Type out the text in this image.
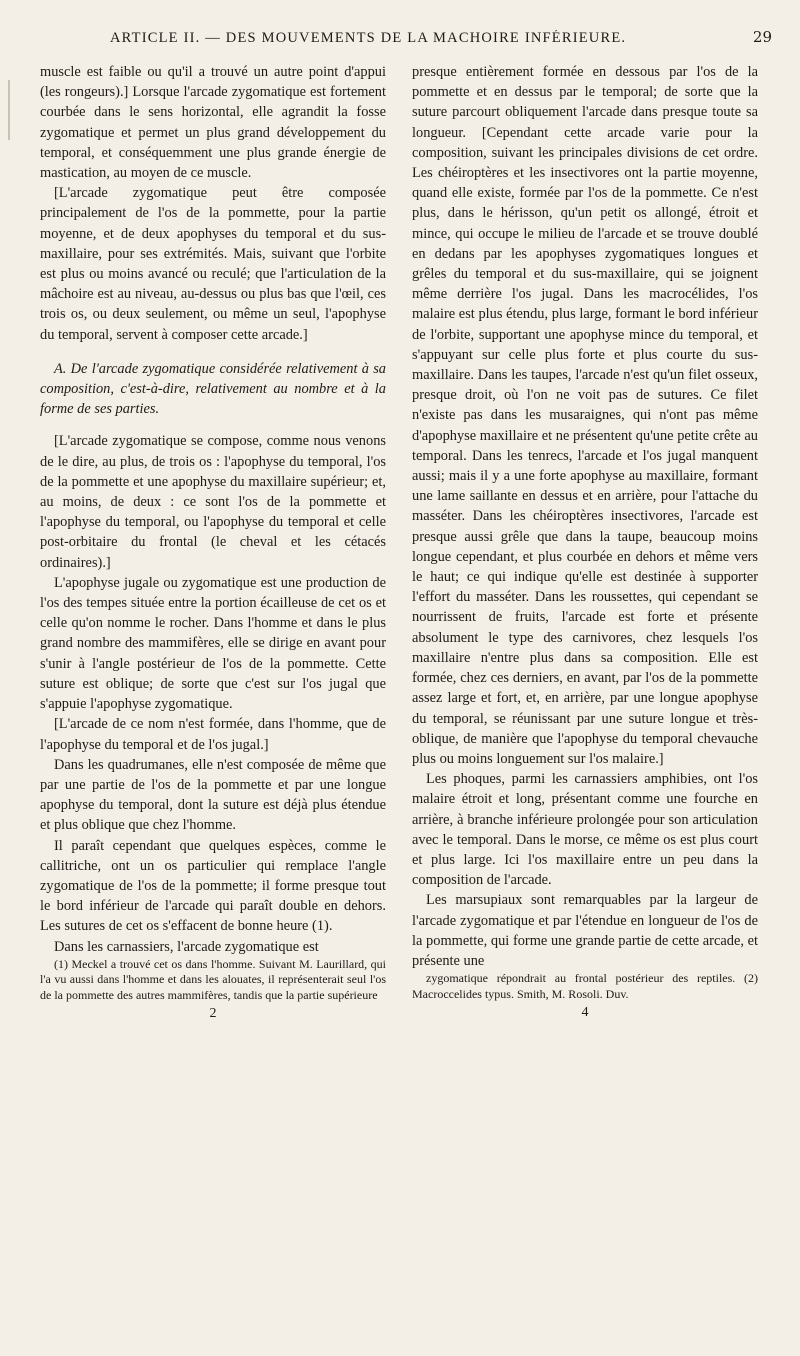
ARTICLE II. — DES MOUVEMENTS DE LA MACHOIRE INFÉRIEURE.	29

muscle est faible ou qu'il a trouvé un autre point d'appui (les rongeurs).] Lorsque l'arcade zygomatique est fortement courbée dans le sens horizontal, elle agrandit la fosse zygomatique et permet un plus grand développement du temporal, et conséquemment une plus grande énergie de mastication, au moyen de ce muscle.

[L'arcade zygomatique peut être composée principalement de l'os de la pommette, pour la partie moyenne, et de deux apophyses du temporal et du sus-maxillaire, pour ses extrémités. Mais, suivant que l'orbite est plus ou moins avancé ou reculé; que l'articulation de la mâchoire est au niveau, au-dessus ou plus bas que l'œil, ces trois os, ou deux seulement, ou même un seul, l'apophyse du temporal, servent à composer cette arcade.]

A. De l'arcade zygomatique considérée relativement à sa composition, c'est-à-dire, relativement au nombre et à la forme de ses parties.

[L'arcade zygomatique se compose, comme nous venons de le dire, au plus, de trois os : l'apophyse du temporal, l'os de la pommette et une apophyse du maxillaire supérieur; et, au moins, de deux : ce sont l'os de la pommette et l'apophyse du temporal, ou l'apophyse du temporal et celle post-orbitaire du frontal (le cheval et les cétacés ordinaires).]

L'apophyse jugale ou zygomatique est une production de l'os des tempes située entre la portion écailleuse de cet os et celle qu'on nomme le rocher. Dans l'homme et dans le plus grand nombre des mammifères, elle se dirige en avant pour s'unir à l'angle postérieur de l'os de la pommette. Cette suture est oblique; de sorte que c'est sur l'os jugal que s'appuie l'apophyse zygomatique.

[L'arcade de ce nom n'est formée, dans l'homme, que de l'apophyse du temporal et de l'os jugal.]

Dans les quadrumanes, elle n'est composée de même que par une partie de l'os de la pommette et par une longue apophyse du temporal, dont la suture est déjà plus étendue et plus oblique que chez l'homme.

Il paraît cependant que quelques espèces, comme le callitriche, ont un os particulier qui remplace l'angle zygomatique de l'os de la pommette; il forme presque tout le bord inférieur de l'arcade qui paraît double en dehors. Les sutures de cet os s'effacent de bonne heure (1).

Dans les carnassiers, l'arcade zygomatique est

(1) Meckel a trouvé cet os dans l'homme. Suivant M. Laurillard, qui l'a vu aussi dans l'homme et dans les alouates, il représenterait seul l'os de la pommette des autres mammifères, tandis que la partie supérieure

2

presque entièrement formée en dessous par l'os de la pommette et en dessus par le temporal; de sorte que la suture parcourt obliquement l'arcade dans presque toute sa longueur. [Cependant cette arcade varie pour la composition, suivant les principales divisions de cet ordre. Les chéiroptères et les insectivores ont la partie moyenne, quand elle existe, formée par l'os de la pommette. Ce n'est plus, dans le hérisson, qu'un petit os allongé, étroit et mince, qui occupe le milieu de l'arcade et se trouve doublé en dedans par les apophyses zygomatiques longues et grêles du temporal et du sus-maxillaire, qui se joignent même derrière l'os jugal. Dans les macrocélides, l'os malaire est plus étendu, plus large, formant le bord inférieur de l'orbite, supportant une apophyse mince du temporal, et s'appuyant sur celle plus forte et plus courte du sus-maxillaire. Dans les taupes, l'arcade n'est qu'un filet osseux, presque droit, où l'on ne voit pas de sutures. Ce filet n'existe pas dans les musaraignes, qui n'ont pas même d'apophyse maxillaire et ne présentent qu'une petite crête au temporal. Dans les tenrecs, l'arcade et l'os jugal manquent aussi; mais il y a une forte apophyse au maxillaire, formant une lame saillante en dessus et en arrière, pour l'attache du masséter. Dans les chéiroptères insectivores, l'arcade est presque aussi grêle que dans la taupe, beaucoup moins longue cependant, et plus courbée en dehors et même vers le haut; ce qui indique qu'elle est destinée à supporter l'effort du masséter. Dans les roussettes, qui cependant se nourrissent de fruits, l'arcade est forte et présente absolument le type des carnivores, chez lesquels l'os maxillaire n'entre plus dans sa composition. Elle est formée, chez ces derniers, en avant, par l'os de la pommette assez large et fort, et, en arrière, par une longue apophyse du temporal, se réunissant par une suture longue et très-oblique, de manière que l'apophyse du temporal chevauche plus ou moins longuement sur l'os malaire.]

Les phoques, parmi les carnassiers amphibies, ont l'os malaire étroit et long, présentant comme une fourche en arrière, à branche inférieure prolongée pour son articulation avec le temporal. Dans le morse, ce même os est plus court et plus large. Ici l'os maxillaire entre un peu dans la composition de l'arcade.

Les marsupiaux sont remarquables par la largeur de l'arcade zygomatique et par l'étendue en longueur de l'os de la pommette, qui forme une grande partie de cette arcade, et présente une

zygomatique répondrait au frontal postérieur des reptiles. (2) Macroccelides typus. Smith, M. Rosoli. Duv.

4
